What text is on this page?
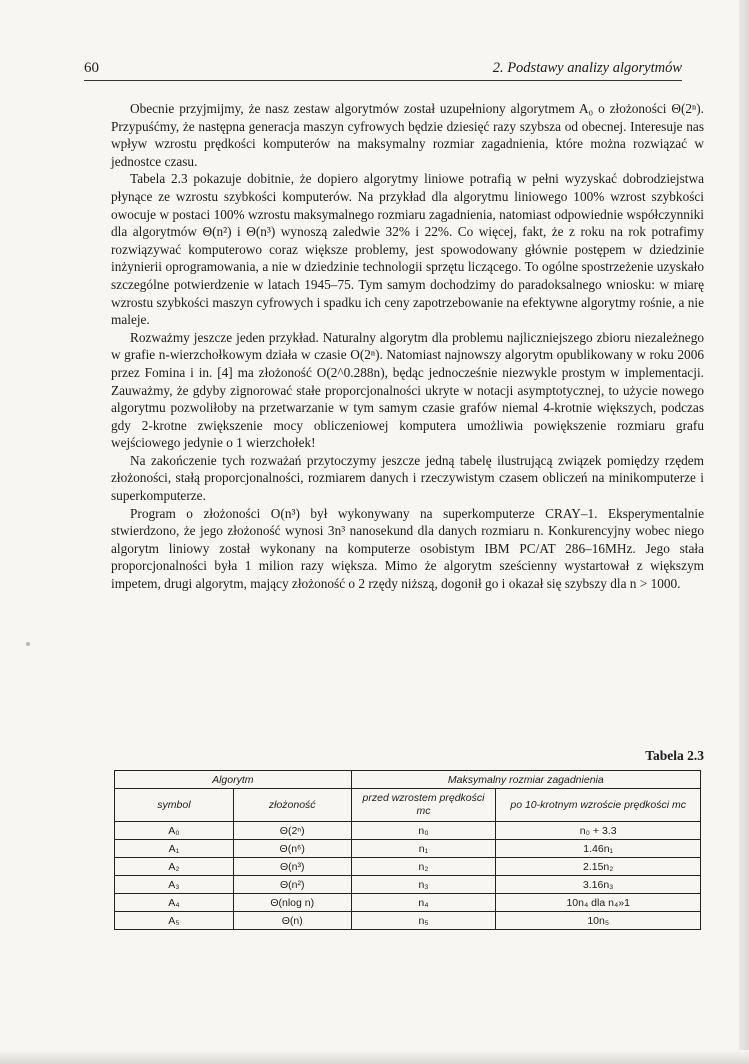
60	2. Podstawy analizy algorytmów

Obecnie przyjmijmy, że nasz zestaw algorytmów został uzupełniony algorytmem A₀ o złożoności Θ(2ⁿ). Przypuśćmy, że następna generacja maszyn cyfrowych będzie dziesięć razy szybsza od obecnej. Interesuje nas wpływ wzrostu prędkości komputerów na maksymalny rozmiar zagadnienia, które można rozwiązać w jednostce czasu.

Tabela 2.3 pokazuje dobitnie, że dopiero algorytmy liniowe potrafią w pełni wyzyskać dobrodziejstwa płynące ze wzrostu szybkości komputerów. Na przykład dla algorytmu liniowego 100% wzrost szybkości owocuje w postaci 100% wzrostu maksymalnego rozmiaru zagadnienia, natomiast odpowiednie współczynniki dla algorytmów Θ(n²) i Θ(n³) wynoszą zaledwie 32% i 22%. Co więcej, fakt, że z roku na rok potrafimy rozwiązywać komputerowo coraz większe problemy, jest spowodowany głównie postępem w dziedzinie inżynierii oprogramowania, a nie w dziedzinie technologii sprzętu liczącego. To ogólne spostrzeżenie uzyskało szczególne potwierdzenie w latach 1945–75. Tym samym dochodzimy do paradoksalnego wniosku: w miarę wzrostu szybkości maszyn cyfrowych i spadku ich ceny zapotrzebowanie na efektywne algorytmy rośnie, a nie maleje.

Rozważmy jeszcze jeden przykład. Naturalny algorytm dla problemu najliczniejszego zbioru niezależnego w grafie n-wierzchołkowym działa w czasie O(2ⁿ). Natomiast najnowszy algorytm opublikowany w roku 2006 przez Fomina i in. [4] ma złożoność O(2^0.288n), będąc jednocześnie niezwykle prostym w implementacji. Zauważmy, że gdyby zignorować stałe proporcjonalności ukryte w notacji asymptotycznej, to użycie nowego algorytmu pozwoliłoby na przetwarzanie w tym samym czasie grafów niemal 4-krotnie większych, podczas gdy 2-krotne zwiększenie mocy obliczeniowej komputera umożliwia powiększenie rozmiaru grafu wejściowego jedynie o 1 wierzchołek!

Na zakończenie tych rozważań przytoczymy jeszcze jedną tabelę ilustrującą związek pomiędzy rzędem złożoności, stałą proporcjonalności, rozmiarem danych i rzeczywistym czasem obliczeń na minikomputerze i superkomputerze.

Program o złożoności O(n³) był wykonywany na superkomputerze CRAY–1. Eksperymentalnie stwierdzono, że jego złożoność wynosi 3n³ nanosekund dla danych rozmiaru n. Konkurencyjny wobec niego algorytm liniowy został wykonany na komputerze osobistym IBM PC/AT 286–16MHz. Jego stała proporcjonalności była 1 milion razy większa. Mimo że algorytm sześcienny wystartował z większym impetem, drugi algorytm, mający złożoność o 2 rzędy niższą, dogonił go i okazał się szybszy dla n > 1000.

Tabela 2.3
Algorytm		Maksymalny rozmiar zagadnienia	
symbol	złożoność	przed wzrostem prędkości mc	po 10-krotnym wzroście prędkości mc
A₀	Θ(2ⁿ)	n₀	n₀ + 3.3
A₁	Θ(n⁶)	n₁	1.46n₁
A₂	Θ(n³)	n₂	2.15n₂
A₃	Θ(n²)	n₃	3.16n₃
A₄	Θ(nlog n)	n₄	10n₄ dla n₄»1
A₅	Θ(n)	n₅	10n₅
